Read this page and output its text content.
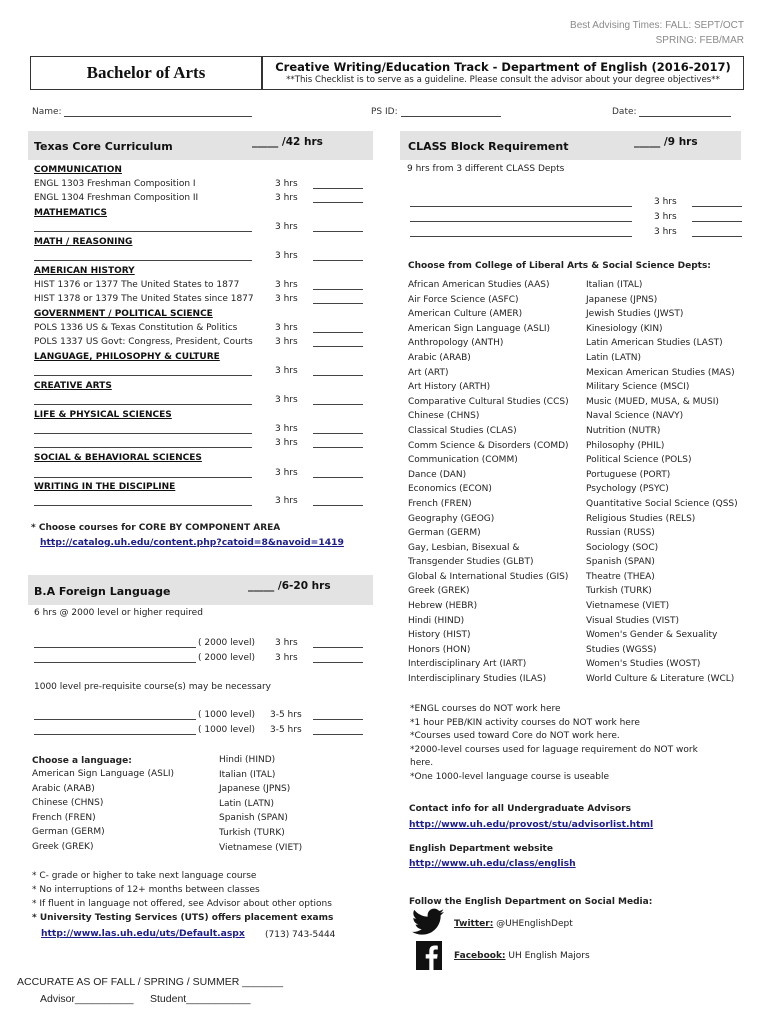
Best Advising Times: FALL: SEPT/OCT
SPRING: FEB/MAR
Bachelor of Arts	Creative Writing/Education Track - Department of English (2016-2017)
**This Checklist is to serve as a guideline. Please consult the advisor about your degree objectives**
Name:	PS ID:	Date:
Texas Core Curriculum	_____ /42 hrs
COMMUNICATION
ENGL 1303 Freshman Composition I	3 hrs
ENGL 1304 Freshman Composition II	3 hrs
MATHEMATICS
3 hrs
MATH / REASONING
3 hrs
AMERICAN HISTORY
HIST 1376 or 1377 The United States to 1877	3 hrs
HIST 1378 or 1379 The United States since 1877 3 hrs
GOVERNMENT / POLITICAL SCIENCE
POLS 1336 US & Texas Constitution & Politics	3 hrs
POLS 1337 US Govt: Congress, President, Courts 3 hrs
LANGUAGE, PHILOSOPHY & CULTURE
3 hrs
CREATIVE ARTS
3 hrs
LIFE & PHYSICAL SCIENCES
3 hrs
3 hrs
SOCIAL & BEHAVIORAL SCIENCES
3 hrs
WRITING IN THE DISCIPLINE
3 hrs
* Choose courses for CORE BY COMPONENT AREA
http://catalog.uh.edu/content.php?catoid=8&navoid=1419
B.A Foreign Language	_____ /6-20 hrs
6 hrs @ 2000 level or higher required
( 2000 level) 3 hrs
( 2000 level) 3 hrs
1000 level pre-requisite course(s) may be necessary
( 1000 level) 3-5 hrs
( 1000 level) 3-5 hrs
Choose a language:
American Sign Language (ASLI)
Arabic (ARAB)
Chinese (CHNS)
French (FREN)
German (GERM)
Greek (GREK)
Hindi (HIND)
Italian (ITAL)
Japanese (JPNS)
Latin (LATN)
Spanish (SPAN)
Turkish (TURK)
Vietnamese (VIET)
* C- grade or higher to take next language course
* No interruptions of 12+ months between classes
* If fluent in language not offered, see Advisor about other options
* University Testing Services (UTS) offers placement exams
http://www.las.uh.edu/uts/Default.aspx (713) 743-5444
CLASS Block Requirement	_____ /9 hrs
9 hrs from 3 different CLASS Depts
3 hrs
3 hrs
3 hrs
Choose from College of Liberal Arts & Social Science Depts:
African American Studies (AAS)
Air Force Science (ASFC)
American Culture (AMER)
American Sign Language (ASLI)
Anthropology (ANTH)
Arabic (ARAB)
Art (ART)
Art History (ARTH)
Comparative Cultural Studies (CCS)
Chinese (CHNS)
Classical Studies (CLAS)
Comm Science & Disorders (COMD)
Communication (COMM)
Dance (DAN)
Economics (ECON)
French (FREN)
Geography (GEOG)
German (GERM)
Gay, Lesbian, Bisexual &
Transgender Studies (GLBT)
Global & International Studies (GIS)
Greek (GREK)
Hebrew (HEBR)
Hindi (HIND)
History (HIST)
Honors (HON)
Interdisciplinary Art (IART)
Interdisciplinary Studies (ILAS)
Italian (ITAL)
Japanese (JPNS)
Jewish Studies (JWST)
Kinesiology (KIN)
Latin American Studies (LAST)
Latin (LATN)
Mexican American Studies (MAS)
Military Science (MSCI)
Music (MUED, MUSA, & MUSI)
Naval Science (NAVY)
Nutrition (NUTR)
Philosophy (PHIL)
Political Science (POLS)
Portuguese (PORT)
Psychology (PSYC)
Quantitative Social Science (QSS)
Religious Studies (RELS)
Russian (RUSS)
Sociology (SOC)
Spanish (SPAN)
Theatre (THEA)
Turkish (TURK)
Vietnamese (VIET)
Visual Studies (VIST)
Women's Gender & Sexuality
Studies (WGSS)
Women's Studies (WOST)
World Culture & Literature (WCL)
*ENGL courses do NOT work here
*1 hour PEB/KIN activity courses do NOT work here
*Courses used toward Core do NOT work here.
*2000-level courses used for laguage requirement do NOT work
here.
*One 1000-level language course is useable
Contact info for all Undergraduate Advisors
http://www.uh.edu/provost/stu/advisorlist.html
English Department website
http://www.uh.edu/class/english
Follow the English Department on Social Media:
Twitter: @UHEnglishDept
Facebook: UH English Majors
ACCURATE AS OF FALL / SPRING / SUMMER _______
Advisor__________ Student___________
